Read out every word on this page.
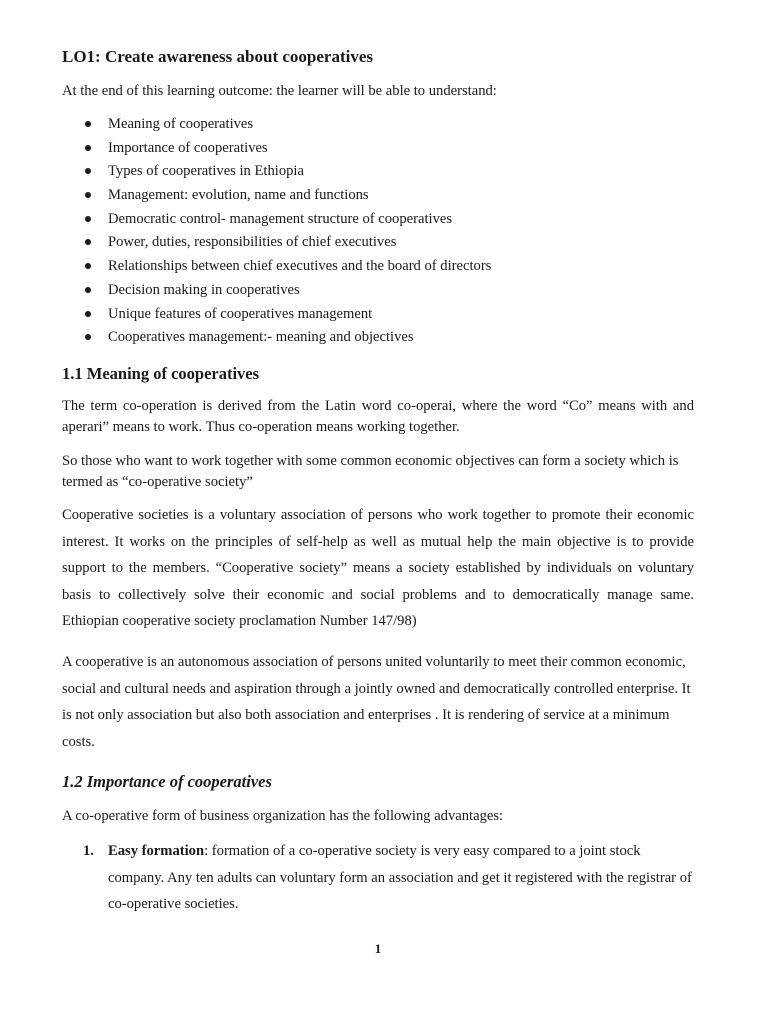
LO1: Create awareness about cooperatives

At the end of this learning outcome: the learner will be able to understand:

Meaning of cooperatives
Importance of cooperatives
Types of cooperatives in Ethiopia
Management: evolution, name and functions
Democratic control- management structure of cooperatives
Power, duties, responsibilities of chief executives
Relationships between chief executives and the board of directors
Decision making in cooperatives
Unique features of cooperatives management
Cooperatives management:- meaning and objectives
1.1 Meaning of cooperatives

The term co-operation is derived from the Latin word co-operai, where the word “Co” means with and aperari” means to work. Thus co-operation means working together.

So those who want to work together with some common economic objectives can form a society which is termed as “co-operative society”

Cooperative societies is a voluntary association of persons who work together to promote their economic interest. It works on the principles of self-help as well as mutual help the main objective is to provide support to the members. “Cooperative society” means a society established by individuals on voluntary basis to collectively solve their economic and social problems and to democratically manage same. Ethiopian cooperative society proclamation Number 147/98)

A cooperative is an autonomous association of persons united voluntarily to meet their common economic, social and cultural needs and aspiration through a jointly owned and democratically controlled enterprise. It is not only association but also both association and enterprises . It is rendering of service at a minimum costs.

1.2 Importance of cooperatives

A co-operative form of business organization has the following advantages:

1. Easy formation: formation of a co-operative society is very easy compared to a joint stock company. Any ten adults can voluntary form an association and get it registered with the registrar of co-operative societies.
1
